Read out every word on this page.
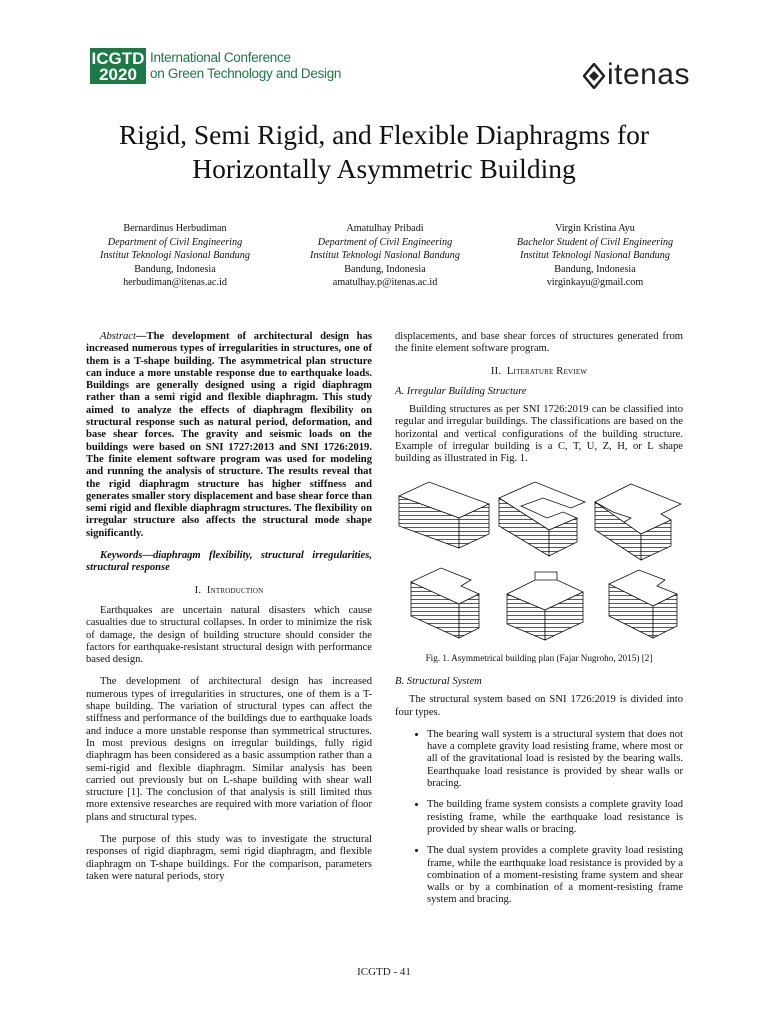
ICGTD
2020
International Conference
on Green Technology and Design	itenas
Rigid, Semi Rigid, and Flexible Diaphragms for
Horizontally Asymmetric Building
Bernardinus Herbudiman
Department of Civil Engineering
Institut Teknologi Nasional Bandung
Bandung, Indonesia
herbudiman@itenas.ac.id
Amatulhay Pribadi
Department of Civil Engineering
Institut Teknologi Nasional Bandung
Bandung, Indonesia
amatulhay.p@itenas.ac.id
Virgin Kristina Ayu
Bachelor Student of Civil Engineering
Institut Teknologi Nasional Bandung
Bandung, Indonesia
virginkayu@gmail.com

Abstract—The development of architectural design has increased numerous types of irregularities in structures, one of them is a T-shape building. The asymmetrical plan structure can induce a more unstable response due to earthquake loads. Buildings are generally designed using a rigid diaphragm rather than a semi rigid and flexible diaphragm. This study aimed to analyze the effects of diaphragm flexibility on structural response such as natural period, deformation, and base shear forces. The gravity and seismic loads on the buildings were based on SNI 1727:2013 and SNI 1726:2019. The finite element software program was used for modeling and running the analysis of structure. The results reveal that the rigid diaphragm structure has higher stiffness and generates smaller story displacement and base shear force than semi rigid and flexible diaphragm structures. The flexibility on irregular structure also affects the structural mode shape significantly.

Keywords—diaphragm flexibility, structural irregularities, structural response

I. Introduction

Earthquakes are uncertain natural disasters which cause casualties due to structural collapses. In order to minimize the risk of damage, the design of building structure should consider the factors for earthquake-resistant structural design with performance based design.

The development of architectural design has increased numerous types of irregularities in structures, one of them is a T-shape building. The variation of structural types can affect the stiffness and performance of the buildings due to earthquake loads and induce a more unstable response than symmetrical structures. In most previous designs on irregular buildings, fully rigid diaphragm has been considered as a basic assumption rather than a semi-rigid and flexible diaphragm. Similar analysis has been carried out previously but on L-shape building with shear wall structure [1]. The conclusion of that analysis is still limited thus more extensive researches are required with more variation of floor plans and structural types.

The purpose of this study was to investigate the structural responses of rigid diaphragm, semi rigid diaphragm, and flexible diaphragm on T-shape buildings. For the comparison, parameters taken were natural periods, story

displacements, and base shear forces of structures generated from the finite element software program.

II. Literature Review
A. Irregular Building Structure

Building structures as per SNI 1726:2019 can be classified into regular and irregular buildings. The classifications are based on the horizontal and vertical configurations of the building structure. Example of irregular building is a C, T, U, Z, H, or L shape building as illustrated in Fig. 1.

Fig. 1. Asymmetrical building plan (Fajar Nugroho, 2015) [2]
B. Structural System

The structural system based on SNI 1726:2019 is divided into four types.

• The bearing wall system is a structural system that does not have a complete gravity load resisting frame, where most or all of the gravitational load is resisted by the bearing walls. Eearthquake load resistance is provided by shear walls or bracing.
• The building frame system consists a complete gravity load resisting frame, while the earthquake load resistance is provided by shear walls or bracing.
• The dual system provides a complete gravity load resisting frame, while the earthquake load resistance is provided by a combination of a moment-resisting frame system and shear walls or by a combination of a moment-resisting frame system and bracing.
ICGTD - 41
